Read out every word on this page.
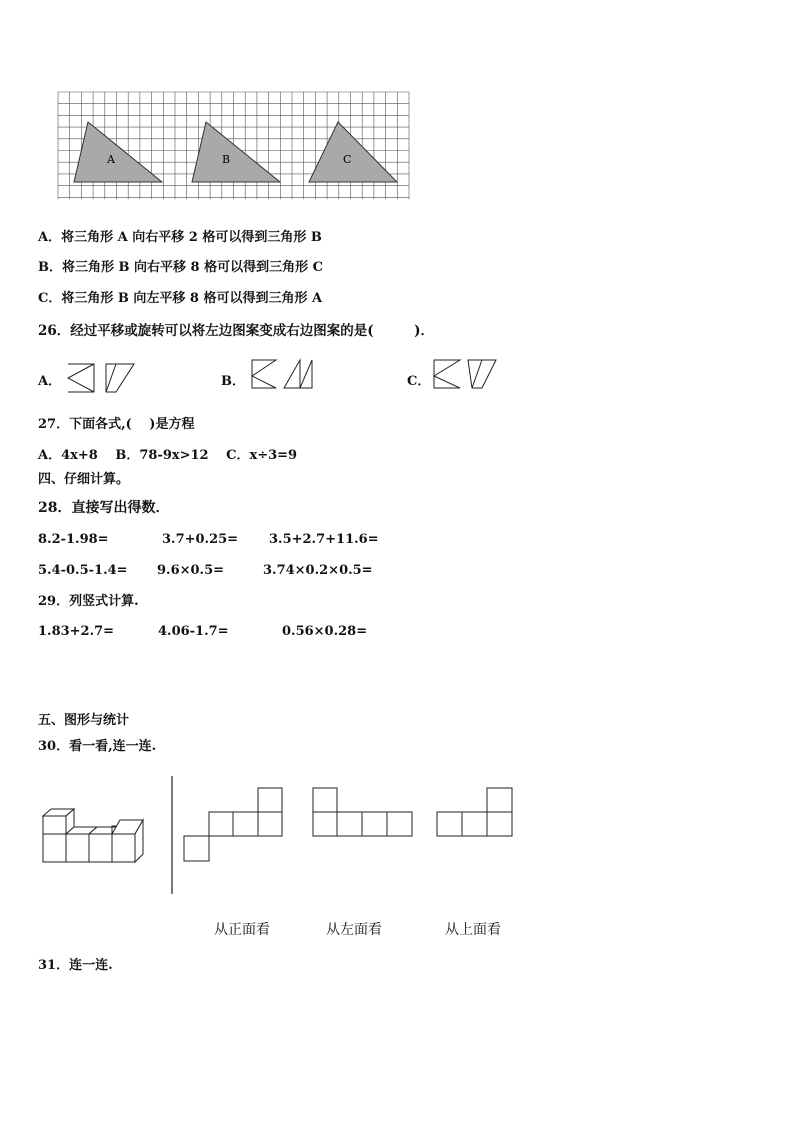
A	B	C
A．将三角形 A 向右平移 2 格可以得到三角形 B
B．将三角形 B 向右平移 8 格可以得到三角形 C
C．将三角形 B 向左平移 8 格可以得到三角形 A
26．经过平移或旋转可以将左边图案变成右边图案的是(　　　)．
A．	B．	C．
27．下面各式,(　 )是方程
A．4x+8　 B．78-9x>12　 C．x÷3=9
四、仔细计算。
28．直接写出得数．
8.2-1.98=	3.7+0.25= 3.5+2.7+11.6=
5.4-0.5-1.4= 9.6×0.5=	3.74×0.2×0.5=
29．列竖式计算.
1.83+2.7=	4.06-1.7=	0.56×0.28=
五、图形与统计
30．看一看,连一连.
从正面看	从左面看	从上面看
31．连一连.
